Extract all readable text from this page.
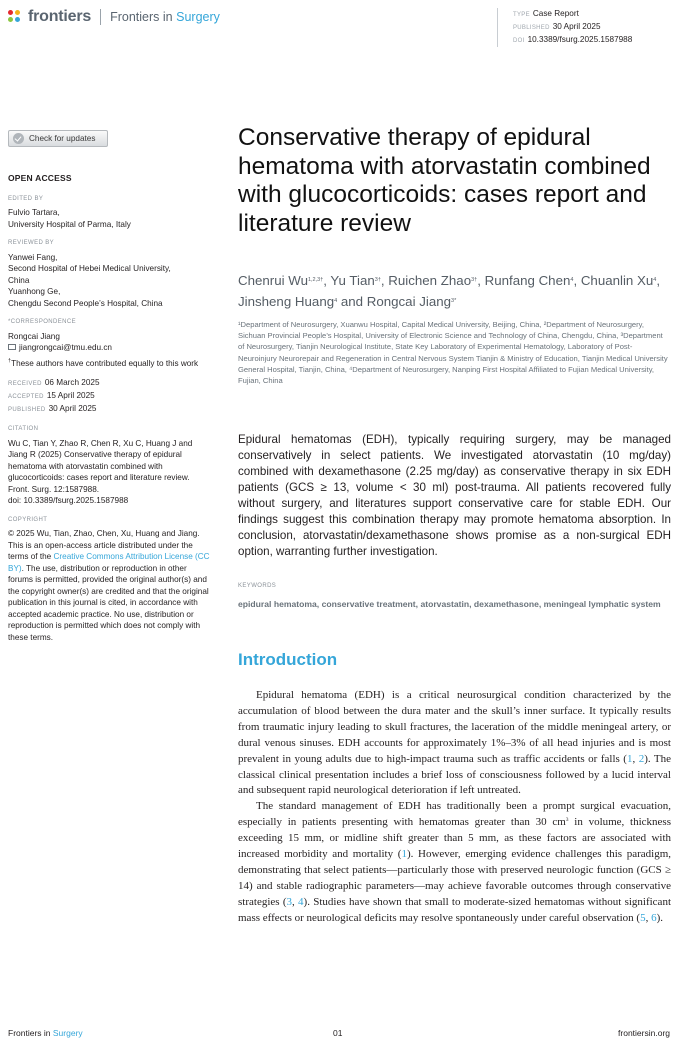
frontiers Frontiers in Surgery	TYPE Case Report
PUBLISHED 30 April 2025
DOI 10.3389/fsurg.2025.1587988
Check for updates
OPEN ACCESS
EDITED BY
Fulvio Tartara,
University Hospital of Parma, Italy
REVIEWED BY
Yanwei Fang,
Second Hospital of Hebei Medical University,
China
Yuanhong Ge,
Chengdu Second People’s Hospital, China
*CORRESPONDENCE
Rongcai Jiang
jiangrongcai@tmu.edu.cn
†These authors have contributed equally to this work
RECEIVED 06 March 2025
ACCEPTED 15 April 2025
PUBLISHED 30 April 2025
CITATION
Wu C, Tian Y, Zhao R, Chen R, Xu C, Huang J and Jiang R (2025) Conservative therapy of epidural hematoma with atorvastatin combined with glucocorticoids: cases report and literature review.
Front. Surg. 12:1587988.
doi: 10.3389/fsurg.2025.1587988
COPYRIGHT
© 2025 Wu, Tian, Zhao, Chen, Xu, Huang and Jiang. This is an open-access article distributed under the terms of the Creative Commons Attribution License (CC BY). The use, distribution or reproduction in other forums is permitted, provided the original author(s) and the copyright owner(s) are credited and that the original publication in this journal is cited, in accordance with accepted academic practice. No use, distribution or reproduction is permitted which does not comply with these terms.
Conservative therapy of epidural hematoma with atorvastatin combined with glucocorticoids: cases report and literature review
Chenrui $Wu^{1,2,3\dagger}$, Yu Tian$^{3\dagger}$, Ruichen Zhao$^{3\dagger}$, Runfang Chen$^4$, Chuanlin Xu$^4$, Jinsheng Huang$^4$ and Rongcai Jiang$^{3*}$
¹Department of Neurosurgery, Xuanwu Hospital, Capital Medical University, Beijing, China, ²Department of Neurosurgery, Sichuan Provincial People’s Hospital, University of Electronic Science and Technology of China, Chengdu, China, ³Department of Neurosurgery, Tianjin Neurological Institute, State Key Laboratory of Experimental Hematology, Laboratory of Post-Neuroinjury Neurorepair and Regeneration in Central Nervous System Tianjin & Ministry of Education, Tianjin Medical University General Hospital, Tianjin, China, ⁴Department of Neurosurgery, Nanping First Hospital Affiliated to Fujian Medical University, Fujian, China
Epidural hematomas (EDH), typically requiring surgery, may be managed conservatively in select patients. We investigated atorvastatin (10 mg/day) combined with dexamethasone (2.25 mg/day) as conservative therapy in six EDH patients (GCS ≥ 13, volume < 30 ml) post-trauma. All patients recovered fully without surgery, and literatures support conservative care for stable EDH. Our findings suggest this combination therapy may promote hematoma absorption. In conclusion, atorvastatin/dexamethasone shows promise as a non-surgical EDH option, warranting further investigation.
KEYWORDS
epidural hematoma, conservative treatment, atorvastatin, dexamethasone, meningeal lymphatic system
Introduction

Epidural hematoma (EDH) is a critical neurosurgical condition characterized by the accumulation of blood between the dura mater and the skull’s inner surface. It typically results from traumatic injury leading to skull fractures, the laceration of the middle meningeal artery, or dural venous sinuses. EDH accounts for approximately 1%–3% of all head injuries and is most prevalent in young adults due to high-impact trauma such as traffic accidents or falls (1, 2). The classical clinical presentation includes a brief loss of consciousness followed by a lucid interval and subsequent rapid neurological deterioration if left untreated.

The standard management of EDH has traditionally been a prompt surgical evacuation, especially in patients presenting with hematomas greater than 30 $cm^3$ in volume, thickness exceeding 15 mm, or midline shift greater than 5 mm, as these factors are associated with increased morbidity and mortality (1). However, emerging evidence challenges this paradigm, demonstrating that select patients—particularly those with preserved neurologic function (GCS ≥ 14) and stable radiographic parameters—may achieve favorable outcomes through conservative strategies (3, 4). Studies have shown that small to moderate-sized hematomas without significant mass effects or neurological deficits may resolve spontaneously under careful observation (5, 6).

Frontiers in Surgery	01	frontiersin.org
